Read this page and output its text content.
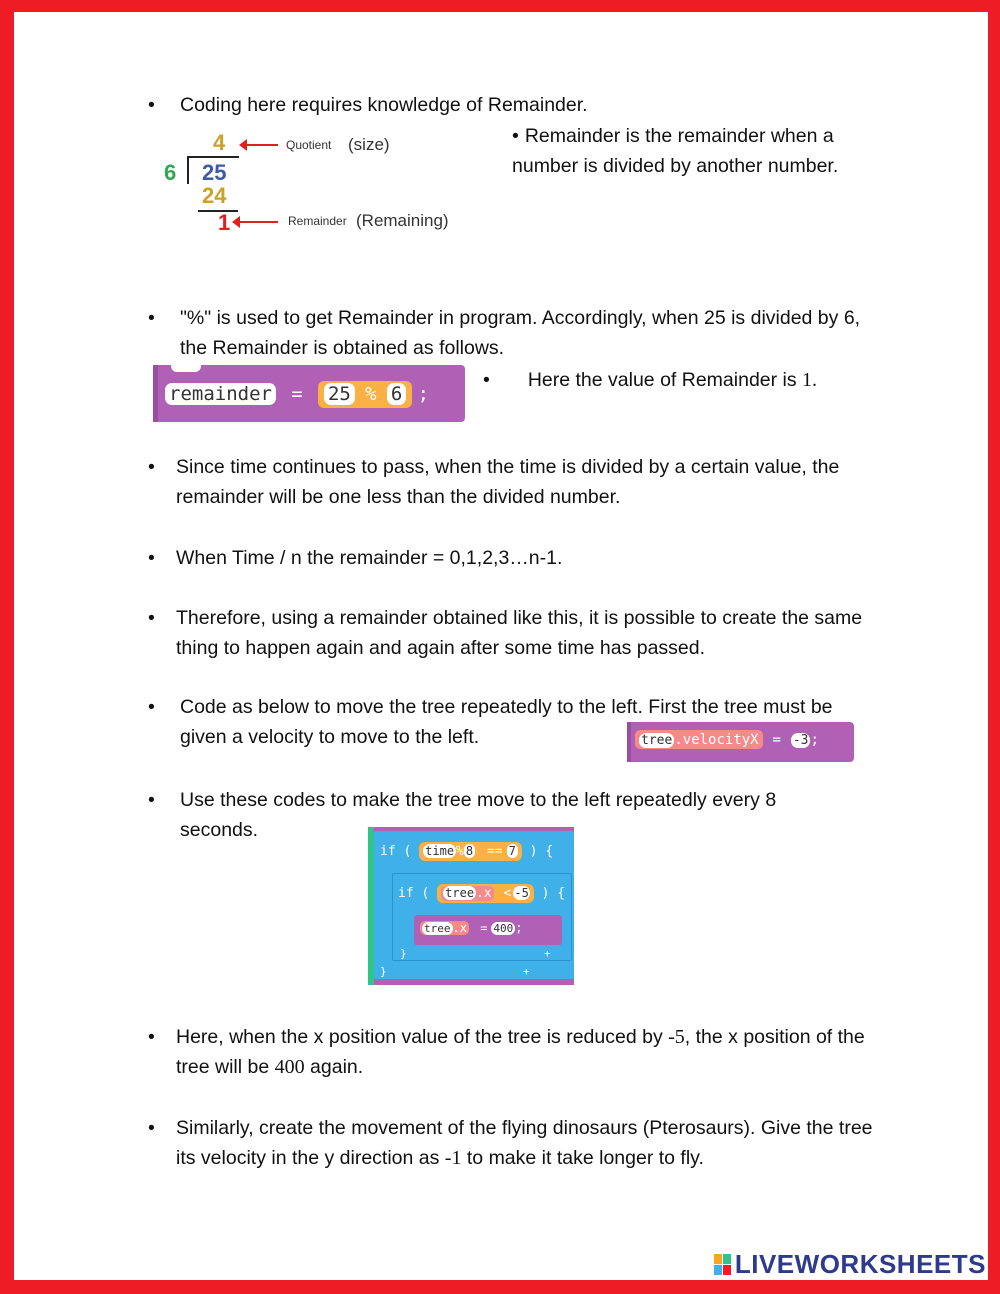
• Coding here requires knowledge of Remainder.
4
6 25
24
1
Quotient (size)
Remainder (Remaining)
• Remainder is the remainder when a number is divided by another number.
• "%" is used to get Remainder in program. Accordingly, when 25 is divided by 6, the Remainder is obtained as follows.
remainder = 25 % 6 ;
• Here the value of Remainder is 1.
• Since time continues to pass, when the time is divided by a certain value, the remainder will be one less than the divided number.
• When Time / n the remainder = 0,1,2,3…n-1.
• Therefore, using a remainder obtained like this, it is possible to create the same thing to happen again and again after some time has passed.
• Code as below to move the tree repeatedly to the left. First the tree must be given a velocity to move to the left.	tree .velocityX = -3 ;
• Use these codes to make the tree move to the left repeatedly every 8 seconds.
if ( time % 8 == 7 ) {
if ( tree .x < -5 ) {
tree .x = 400 ;
}	+
}	+
• Here, when the x position value of the tree is reduced by -5, the x position of the tree will be 400 again.
• Similarly, create the movement of the flying dinosaurs (Pterosaurs). Give the tree its velocity in the y direction as -1 to make it take longer to fly.
LIVEWORKSHEETS
